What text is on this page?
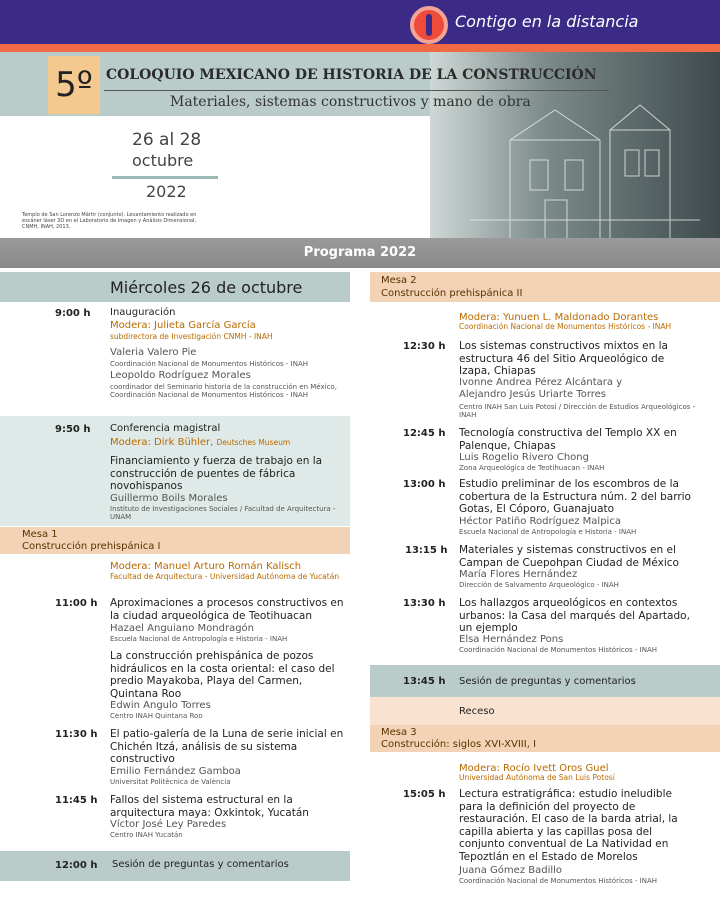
Contigo en la distancia
5º COLOQUIO MEXICANO DE HISTORIA DE LA CONSTRUCCIÓN
Materiales, sistemas constructivos y mano de obra
26 al 28
octubre
2022
Templo de San Lorenzo Mártir (conjunto). Levantamiento realizado en escáner láser 3D en el Laboratorio de Imagen y Análisis Dimensional, CNMH, INAH, 2013.
Programa 2022
Miércoles 26 de octubre
9:00 h Inauguración
Modera: Julieta García García
subdirectora de Investigación CNMH - INAH
Valeria Valero Pie
Coordinación Nacional de Monumentos Históricos - INAH
Leopoldo Rodríguez Morales
coordinador del Seminario historia de la construcción en México, Coordinación Nacional de Monumentos Históricos - INAH
9:50 h Conferencia magistral
Modera: Dirk Bühler, Deutsches Museum
Financiamiento y fuerza de trabajo en la construcción de puentes de fábrica novohispanos
Guillermo Boils Morales
Instituto de Investigaciones Sociales / Facultad de Arquitectura - UNAM
Mesa 1
Construcción prehispánica I
Modera: Manuel Arturo Román Kalisch
Facultad de Arquitectura - Universidad Autónoma de Yucatán
11:00 h Aproximaciones a procesos constructivos en la ciudad arqueológica de Teotihuacan
Hazael Anguiano Mondragón
Escuela Nacional de Antropología e Historia - INAH
La construcción prehispánica de pozos hidráulicos en la costa oriental: el caso del predio Mayakoba, Playa del Carmen, Quintana Roo
Edwin Angulo Torres
Centro INAH Quintana Roo
11:30 h El patio-galería de la Luna de serie inicial en Chichén Itzá, análisis de su sistema constructivo
Emilio Fernández Gamboa
Universitat Politècnica de València
11:45 h Fallos del sistema estructural en la arquitectura maya: Oxkintok, Yucatán
Víctor José Ley Paredes
Centro INAH Yucatán
12:00 h Sesión de preguntas y comentarios
Mesa 2
Construcción prehispánica II
Modera: Yunuen L. Maldonado Dorantes
Coordinación Nacional de Monumentos Históricos - INAH
12:30 h Los sistemas constructivos mixtos en la estructura 46 del Sitio Arqueológico de Izapa, Chiapas
Ivonne Andrea Pérez Alcántara y Alejandro Jesús Uriarte Torres
Centro INAH San Luis Potosí / Dirección de Estudios Arqueológicos - INAH
12:45 h Tecnología constructiva del Templo XX en Palenque, Chiapas
Luis Rogelio Rivero Chong
Zona Arqueológica de Teotihuacan - INAH
13:00 h Estudio preliminar de los escombros de la cobertura de la Estructura núm. 2 del barrio Gotas, El Cóporo, Guanajuato
Héctor Patiño Rodríguez Malpica
Escuela Nacional de Antropología e Historia - INAH
13:15 h Materiales y sistemas constructivos en el Campan de Cuepohpan Ciudad de México
María Flores Hernández
Dirección de Salvamento Arqueológico - INAH
13:30 h Los hallazgos arqueológicos en contextos urbanos: la Casa del marqués del Apartado, un ejemplo
Elsa Hernández Pons
Coordinación Nacional de Monumentos Históricos - INAH
13:45 h Sesión de preguntas y comentarios
Receso
Mesa 3
Construcción: siglos XVI-XVIII, I
Modera: Rocío Ivett Oros Guel
Universidad Autónoma de San Luis Potosí
15:05 h Lectura estratigráfica: estudio ineludible para la definición del proyecto de restauración. El caso de la barda atrial, la capilla abierta y las capillas posa del conjunto conventual de La Natividad en Tepoztlán en el Estado de Morelos
Juana Gómez Badillo
Coordinación Nacional de Monumentos Históricos - INAH
